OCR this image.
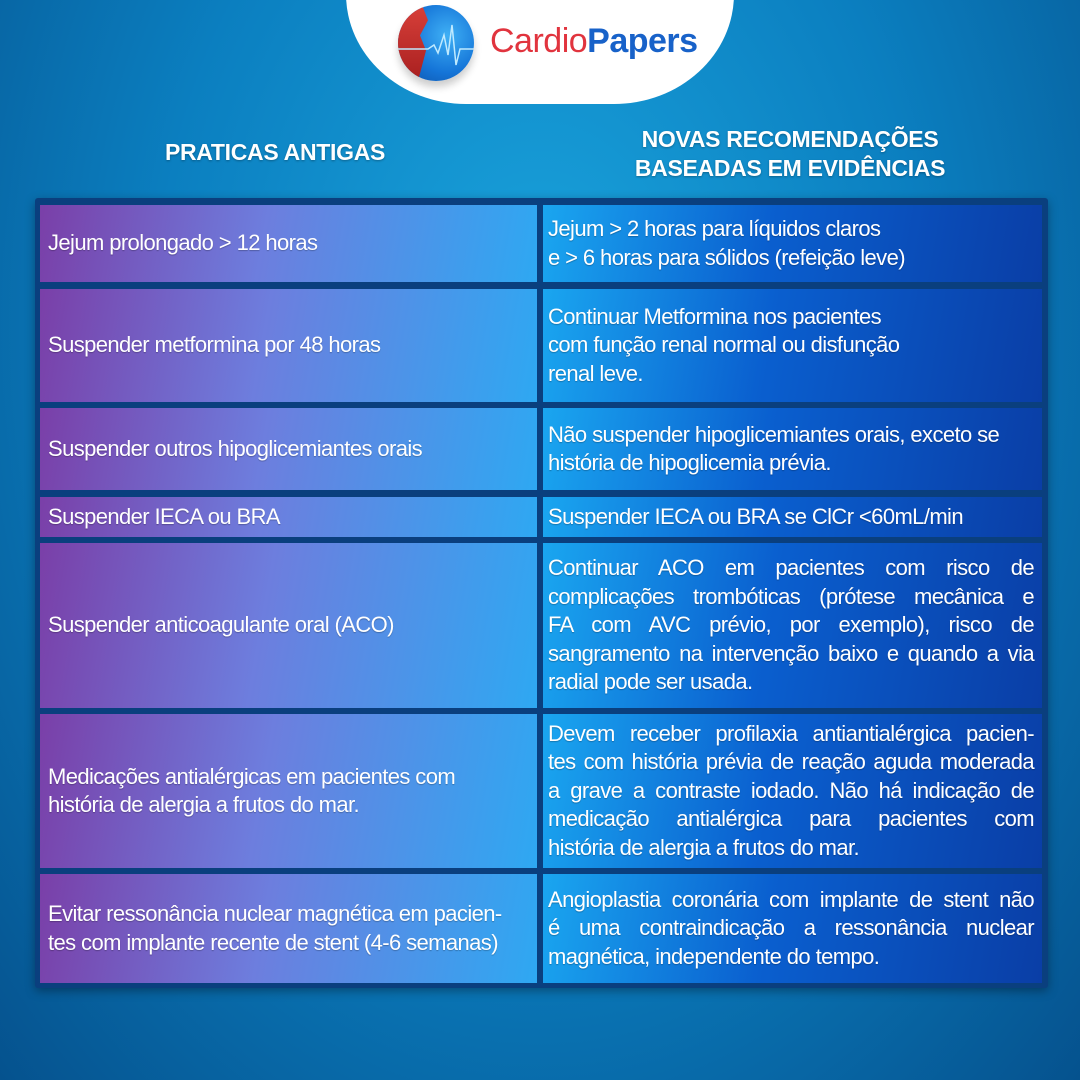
CardioPapers
PRATICAS ANTIGAS	NOVAS RECOMENDAÇÕES
BASEADAS EM EVIDÊNCIAS
Jejum prolongado > 12 horas
Jejum > 2 horas para líquidos claros
e > 6 horas para sólidos (refeição leve)
Suspender metformina por 48 horas
Continuar Metformina nos pacientes
com função renal normal ou disfunção
renal leve.
Suspender outros hipoglicemiantes orais
Não suspender hipoglicemiantes orais, exceto se
história de hipoglicemia prévia.
Suspender IECA ou BRA	Suspender IECA ou BRA se ClCr <60mL/min
Suspender anticoagulante oral (ACO)
Continuar ACO em pacientes com risco de
complicações trombóticas (prótese mecânica e
FA com AVC prévio, por exemplo), risco de
sangramento na intervenção baixo e quando a via
radial pode ser usada.
Medicações antialérgicas em pacientes com
história de alergia a frutos do mar.
Devem receber profilaxia antiantialérgica pacien-
tes com história prévia de reação aguda moderada
a grave a contraste iodado. Não há indicação de
medicação antialérgica para pacientes com
história de alergia a frutos do mar.
Evitar ressonância nuclear magnética em pacien-
tes com implante recente de stent (4-6 semanas)
Angioplastia coronária com implante de stent não
é uma contraindicação a ressonância nuclear
magnética, independente do tempo.
